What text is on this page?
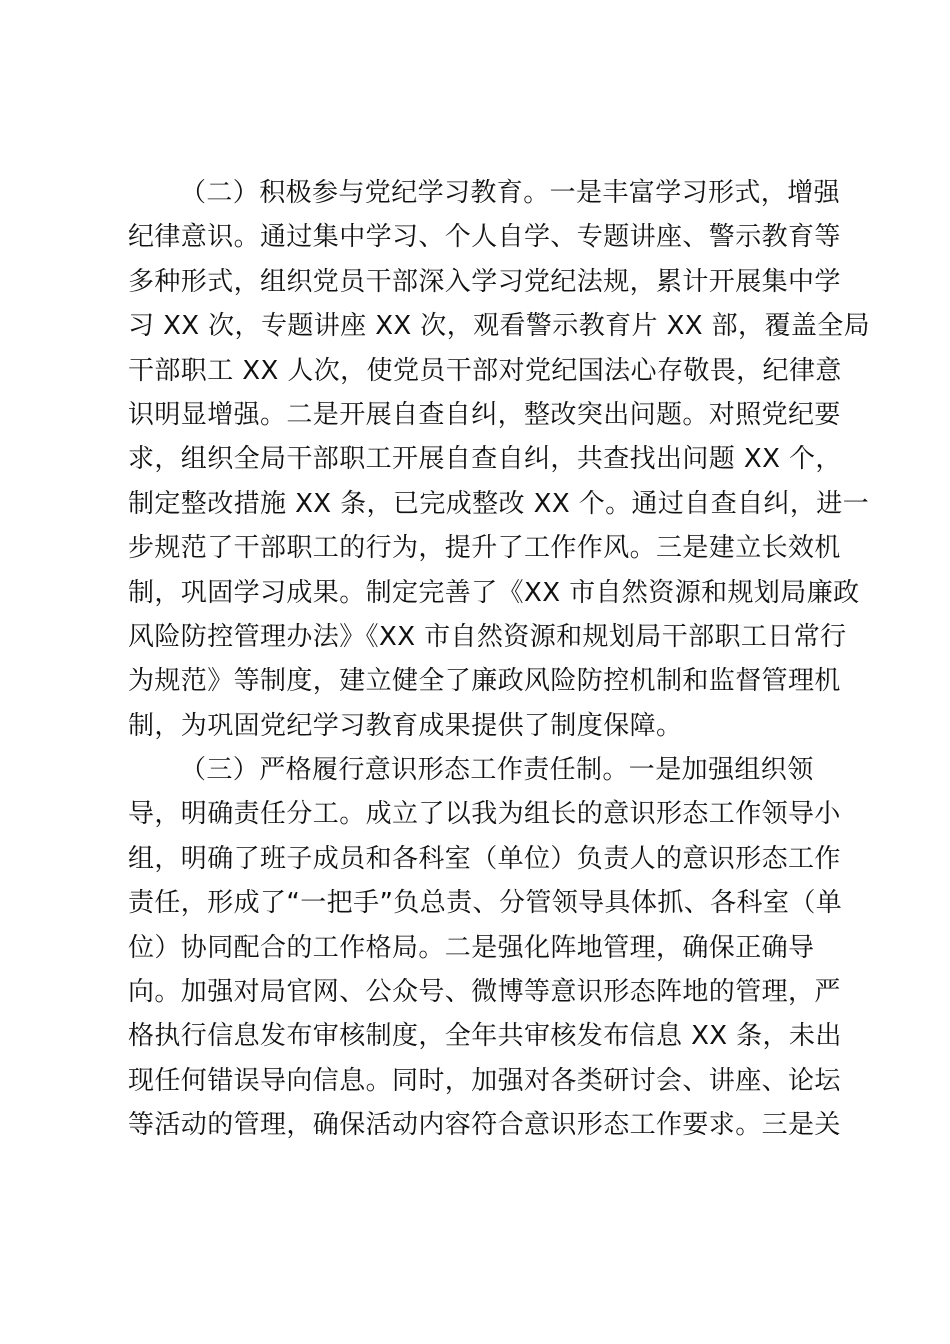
（二）积极参与党纪学习教育。一是丰富学习形式，增强
纪律意识。通过集中学习、个人自学、专题讲座、警示教育等
多种形式，组织党员干部深入学习党纪法规，累计开展集中学
习 XX 次，专题讲座 XX 次，观看警示教育片 XX 部，覆盖全局
干部职工 XX 人次，使党员干部对党纪国法心存敬畏，纪律意
识明显增强。二是开展自查自纠，整改突出问题。对照党纪要
求，组织全局干部职工开展自查自纠，共查找出问题 XX 个，
制定整改措施 XX 条，已完成整改 XX 个。通过自查自纠，进一
步规范了干部职工的行为，提升了工作作风。三是建立长效机
制，巩固学习成果。制定完善了《XX 市自然资源和规划局廉政
风险防控管理办法》《XX 市自然资源和规划局干部职工日常行
为规范》等制度，建立健全了廉政风险防控机制和监督管理机
制，为巩固党纪学习教育成果提供了制度保障。

（三）严格履行意识形态工作责任制。一是加强组织领
导，明确责任分工。成立了以我为组长的意识形态工作领导小
组，明确了班子成员和各科室（单位）负责人的意识形态工作
责任，形成了“一把手”负总责、分管领导具体抓、各科室（单
位）协同配合的工作格局。二是强化阵地管理，确保正确导
向。加强对局官网、公众号、微博等意识形态阵地的管理，严
格执行信息发布审核制度，全年共审核发布信息 XX 条，未出
现任何错误导向信息。同时，加强对各类研讨会、讲座、论坛
等活动的管理，确保活动内容符合意识形态工作要求。三是关
